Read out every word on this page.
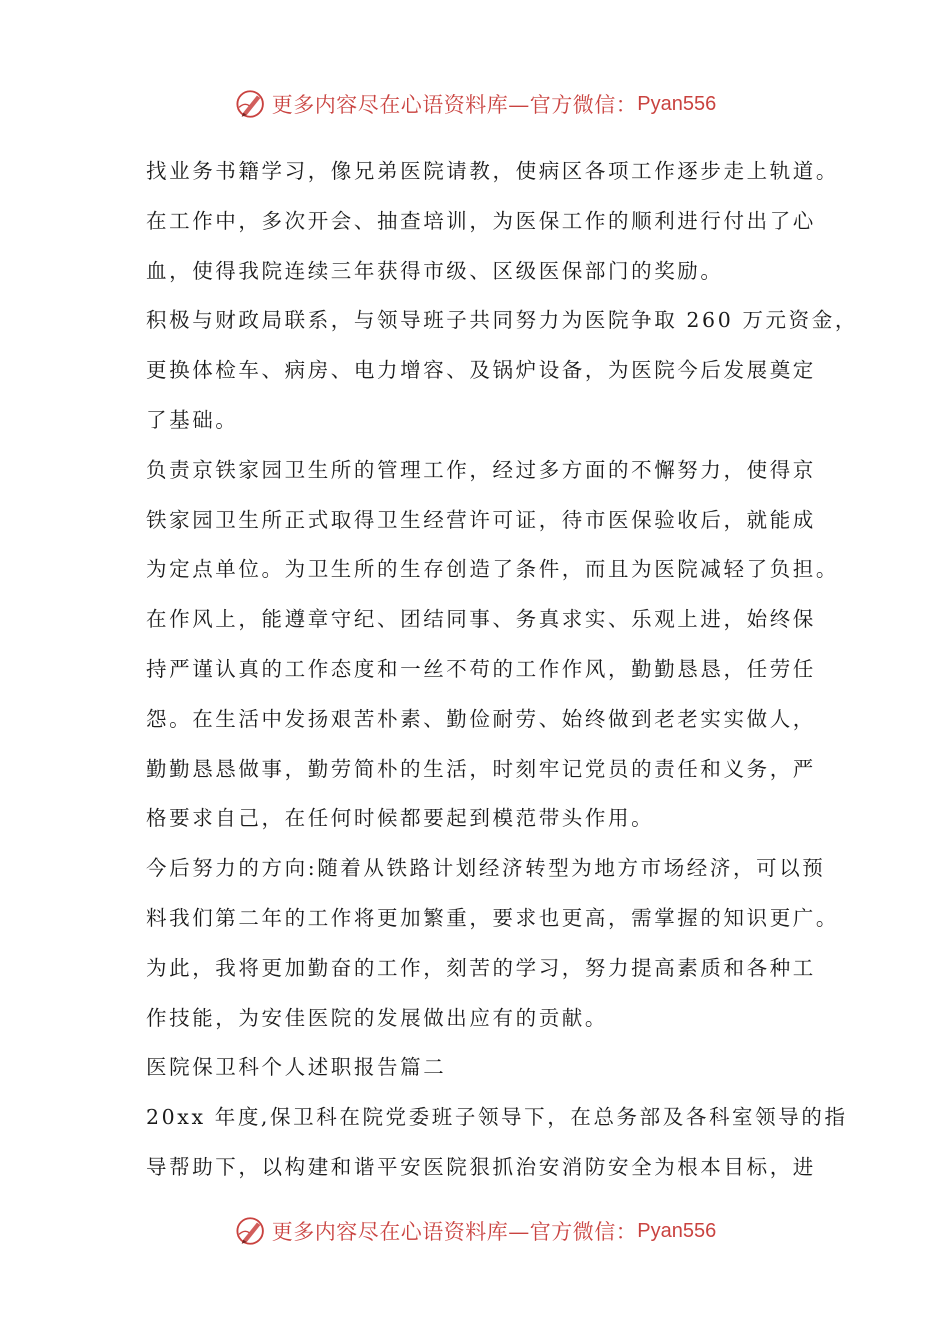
更多内容尽在心语资料库—官方微信： Pyan556
找业务书籍学习，像兄弟医院请教，使病区各项工作逐步走上轨道。
在工作中，多次开会、抽查培训，为医保工作的顺利进行付出了心
血，使得我院连续三年获得市级、区级医保部门的奖励。
积极与财政局联系，与领导班子共同努力为医院争取 260 万元资金，
更换体检车、病房、电力增容、及锅炉设备，为医院今后发展奠定
了基础。
负责京铁家园卫生所的管理工作，经过多方面的不懈努力，使得京
铁家园卫生所正式取得卫生经营许可证，待市医保验收后，就能成
为定点单位。为卫生所的生存创造了条件，而且为医院减轻了负担。
在作风上，能遵章守纪、团结同事、务真求实、乐观上进，始终保
持严谨认真的工作态度和一丝不苟的工作作风，勤勤恳恳，任劳任
怨。在生活中发扬艰苦朴素、勤俭耐劳、始终做到老老实实做人，
勤勤恳恳做事，勤劳简朴的生活，时刻牢记党员的责任和义务，严
格要求自己，在任何时候都要起到模范带头作用。
今后努力的方向:随着从铁路计划经济转型为地方市场经济，可以预
料我们第二年的工作将更加繁重，要求也更高，需掌握的知识更广。
为此，我将更加勤奋的工作，刻苦的学习，努力提高素质和各种工
作技能，为安佳医院的发展做出应有的贡献。
医院保卫科个人述职报告篇二
20xx 年度,保卫科在院党委班子领导下，在总务部及各科室领导的指
导帮助下，以构建和谐平安医院狠抓治安消防安全为根本目标，进
更多内容尽在心语资料库—官方微信： Pyan556
